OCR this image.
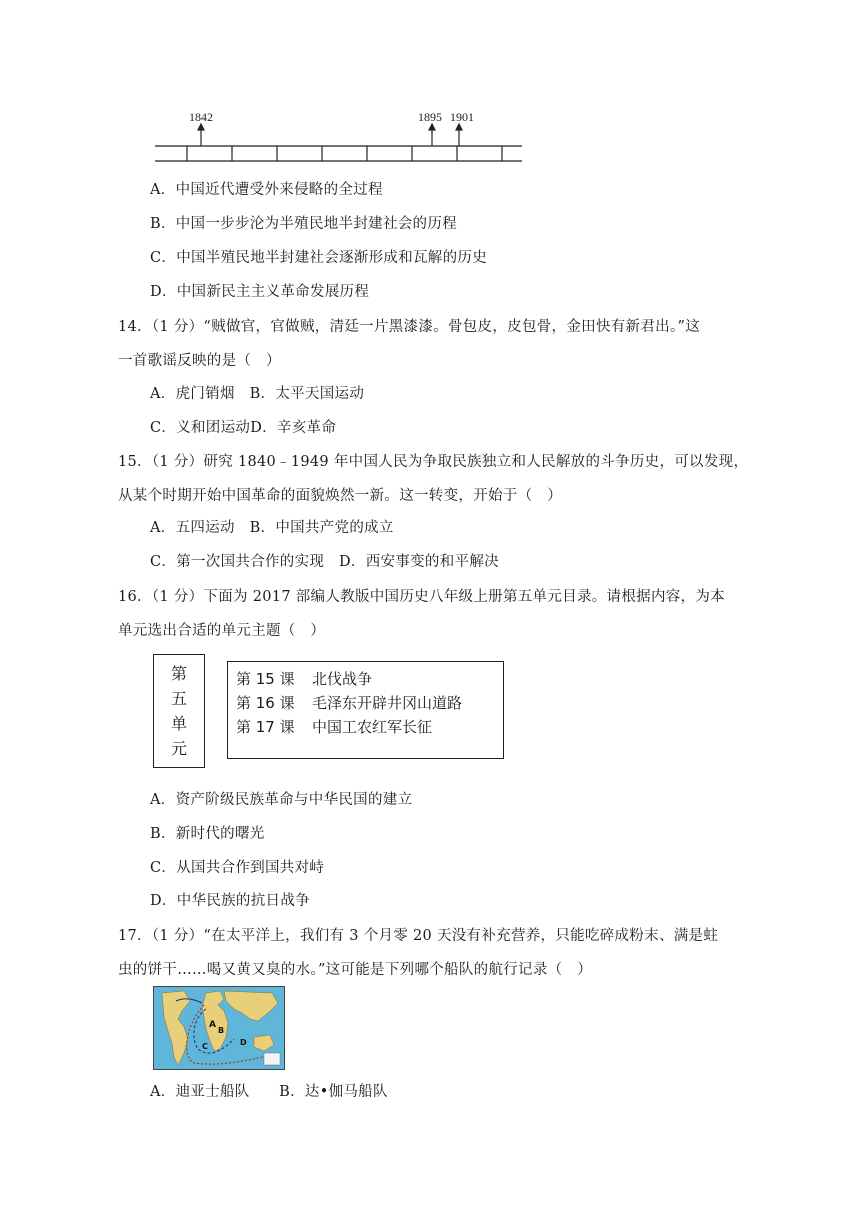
1842	1895 1901
A．中国近代遭受外来侵略的全过程
B．中国一步步沦为半殖民地半封建社会的历程
C．中国半殖民地半封建社会逐渐形成和瓦解的历史
D．中国新民主主义革命发展历程
14．（1 分）“贼做官，官做贼，清廷一片黑漆漆。骨包皮，皮包骨，金田快有新君出。”这
一首歌谣反映的是（　）
A．虎门销烟　B．太平天国运动
C．义和团运动D．辛亥革命
15．（1 分）研究 1840﹣1949 年中国人民为争取民族独立和人民解放的斗争历史，可以发现，
从某个时期开始中国革命的面貌焕然一新。这一转变，开始于（　）
A．五四运动　B．中国共产党的成立
C．第一次国共合作的实现　D．西安事变的和平解决
16．（1 分）下面为 2017 部编人教版中国历史八年级上册第五单元目录。请根据内容，为本
单元选出合适的单元主题（　）
第
五
单
元
第 15 课	北伐战争
第 16 课	毛泽东开辟井冈山道路
第 17 课	中国工农红军长征
A．资产阶级民族革命与中华民国的建立
B．新时代的曙光
C．从国共合作到国共对峙
D．中华民族的抗日战争
17．（1 分）“在太平洋上，我们有 3 个月零 20 天没有补充营养，只能吃碎成粉末、满是蛀
虫的饼干……喝又黄又臭的水。”这可能是下列哪个船队的航行记录（　）
A
B
C	D
A．迪亚士船队　　B．达•伽马船队
